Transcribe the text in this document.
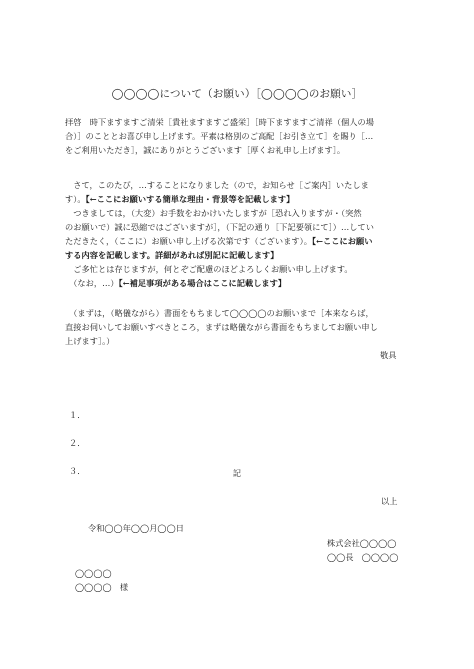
◯◯◯◯について（お願い）［◯◯◯◯のお願い］
拝啓　時下ますますご清栄［貴社ますますご盛栄］［時下ますますご清祥（個人の場
合）］のこととお喜び申し上げます。平素は格別のご高配［お引き立て］を賜り［…
をご利用いただき］，誠にありがとうございます［厚くお礼申し上げます］。
　さて，このたび，…することになりました（ので，お知らせ［ご案内］いたしま
す）。【←ここにお願いする簡単な理由・背景等を記載します】
　つきましては，（大変）お手数をおかけいたしますが［恐れ入りますが・（突然
のお願いで）誠に恐縮ではございますが］，（下記の通り［下記要領にて］）…してい
ただきたく，（ここに）お願い申し上げる次第です（ございます）。【←ここにお願い
する内容を記載します。詳細があれば別記に記載します】
　ご多忙とは存じますが，何とぞご配慮のほどよろしくお願い申し上げます。
　（なお，…）【←補足事項がある場合はここに記載します】
　（まずは，（略儀ながら）書面をもちまして◯◯◯◯のお願いまで［本来ならば，
直接お伺いしてお願いすべきところ，まずは略儀ながら書面をもちましてお願い申し
上げます］。）
敬具
記
１．
２．
３．
以上
令和◯◯年◯◯月◯◯日
株式会社◯◯◯◯
◯◯長　◯◯◯◯
◯◯◯◯
◯◯◯◯　様
